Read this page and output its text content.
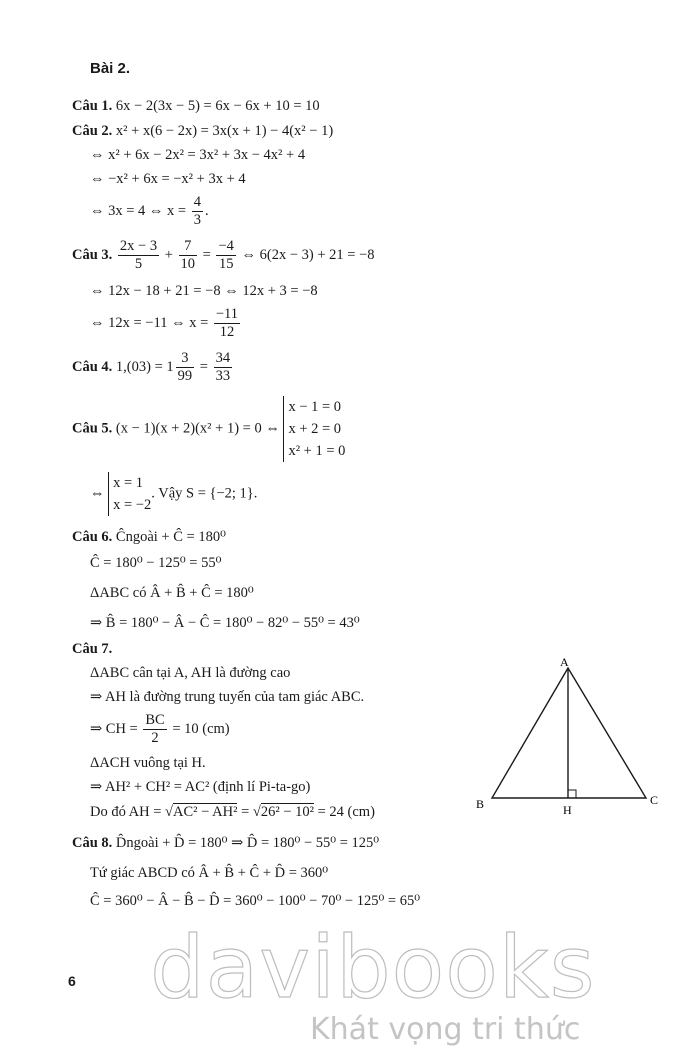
Bài 2.
Câu 1. 6x − 2(3x − 5) = 6x − 6x + 10 = 10
Câu 2. x² + x(6 − 2x) = 3x(x + 1) − 4(x² − 1)
⇔ x² + 6x − 2x² = 3x² + 3x − 4x² + 4
⇔ −x² + 6x = −x² + 3x + 4
⇔ 3x = 4 ⇔ $x = \frac{4}{3}$ .
Câu 3. $\frac{2x - 3}{5} + \frac{7}{10} = \frac{-4}{15}$ ⇔ 6(2x − 3) + 21 = −8
⇔ 12x − 18 + 21 = −8 ⇔ 12x + 3 = −8
⇔ 12x = −11 ⇔ $x = \frac{-11}{12}$
Câu 4. $1,(03) = 1 \frac{3}{99} = \frac{34}{33}$
Câu 5. (x − 1)(x + 2)(x² + 1) = 0 ⇔
x − 1 = 0
x + 2 = 0
x² + 1 = 0
⇔
x = 1
x = −2
. Vậy S = {−2; 1}.
Câu 6. Ĉngoài + Ĉ = 180⁰
Ĉ = 180⁰ − 125⁰ = 55⁰
ΔABC có Â + B̂ + Ĉ = 180⁰
⇒ B̂ = 180⁰ − Â − Ĉ = 180⁰ − 82⁰ − 55⁰ = 43⁰
Câu 7.
ΔABC cân tại A, AH là đường cao
⇒ AH là đường trung tuyến của tam giác ABC.
⇒ CH = $\frac{BC}{2} = 10$ (cm)
ΔACH vuông tại H.
⇒ AH² + CH² = AC² (định lí Pi-ta-go)
Do đó AH = √AC² − AH² = √26² − 10² = 24 (cm)
A
B	C
H
Câu 8. D̂ngoài + D̂ = 180⁰ ⇒ D̂ = 180⁰ − 55⁰ = 125⁰
Tứ giác ABCD có Â + B̂ + Ĉ + D̂ = 360⁰
Ĉ = 360⁰ − Â − B̂ − D̂ = 360⁰ − 100⁰ − 70⁰ − 125⁰ = 65⁰
6 davibooks
Khát vọng tri thức
